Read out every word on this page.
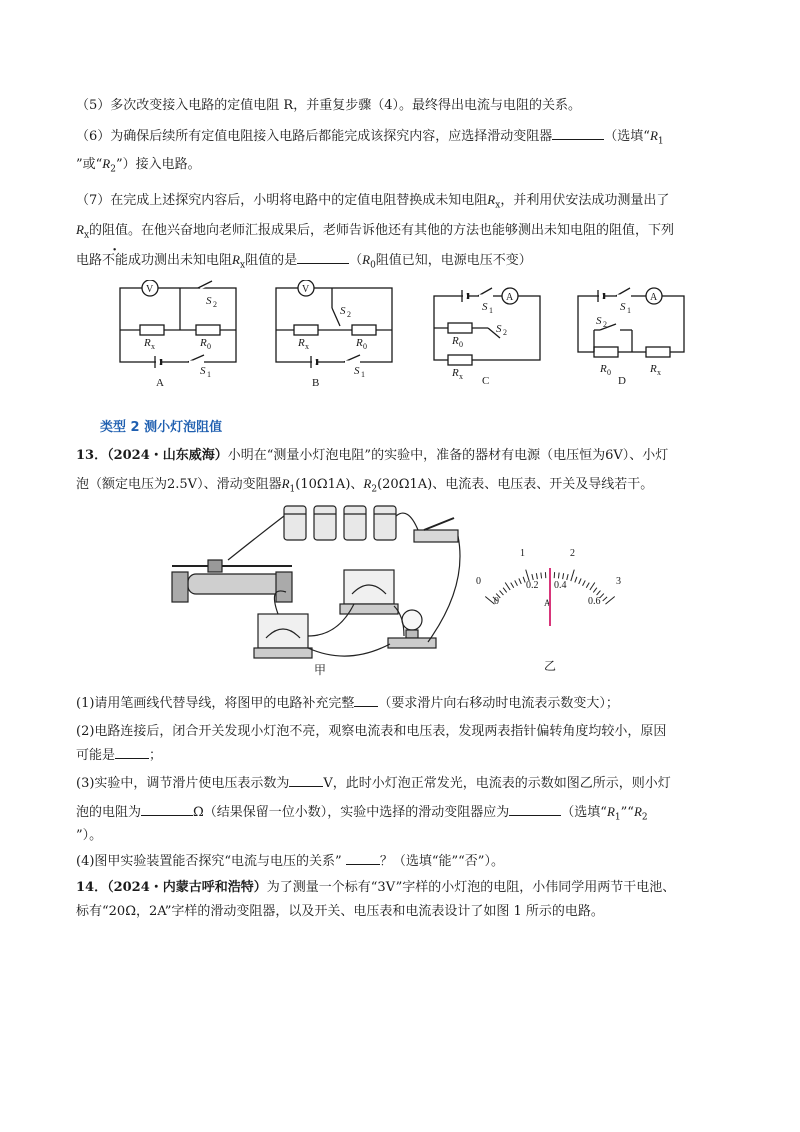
（5）多次改变接入电路的定值电阻 R，并重复步骤（4）。最终得出电流与电阻的关系。
（6）为确保后续所有定值电阻接入电路后都能完成该探究内容，应选择滑动变阻器	（选填“$R_1$
”或“$R_2$”）接入电路。
（7）在完成上述探究内容后，小明将电路中的定值电阻替换成未知电阻$R_x$，并利用伏安法成功测量出了
$R_x$的阻值。在他兴奋地向老师汇报成果后，老师告诉他还有其他的方法也能够测出未知电阻的阻值，下列
电路不能成功测出未知电阻$R_x$阻值的是	（$R_0$阻值已知，电源电压不变）
V
S 2
R x	R 0
S 1
A
V
S 2
R x	R 0
S 1
B
A
S 1
S 2
R 0
R x C
A
S 1
S 2
R 0	R x
D
类型 2 测小灯泡阻值
13．（2024・山东威海）小明在“测量小灯泡电阻”的实验中，准备的器材有电源（电压恒为6V）、小灯
泡（额定电压为2.5V）、滑动变阻器$R_1(10\Omega 1A)$、$R_2(20\Omega 1A)$、电流表、电压表、开关及导线若干。
甲
0
1	2
3
0
0.2 0.4
0.6
A
乙
(1)请用笔画线代替导线，将图甲的电路补充完整 （要求滑片向右移动时电流表示数变大）；
(2)电路连接后，闭合开关发现小灯泡不亮，观察电流表和电压表，发现两表指针偏转角度均较小，原因
可能是	；
(3)实验中，调节滑片使电压表示数为	V，此时小灯泡正常发光，电流表的示数如图乙所示，则小灯
泡的电阻为	Ω（结果保留一位小数），实验中选择的滑动变阻器应为	（选填“$R_1”“R_2$
”）。
(4)图甲实验装置能否探究“电流与电压的关系”	？（选填“能”“否”）。
14．（2024・内蒙古呼和浩特）为了测量一个标有“3V”字样的小灯泡的电阻，小伟同学用两节干电池、
标有“20Ω，2A”字样的滑动变阻器，以及开关、电压表和电流表设计了如图 1 所示的电路。
